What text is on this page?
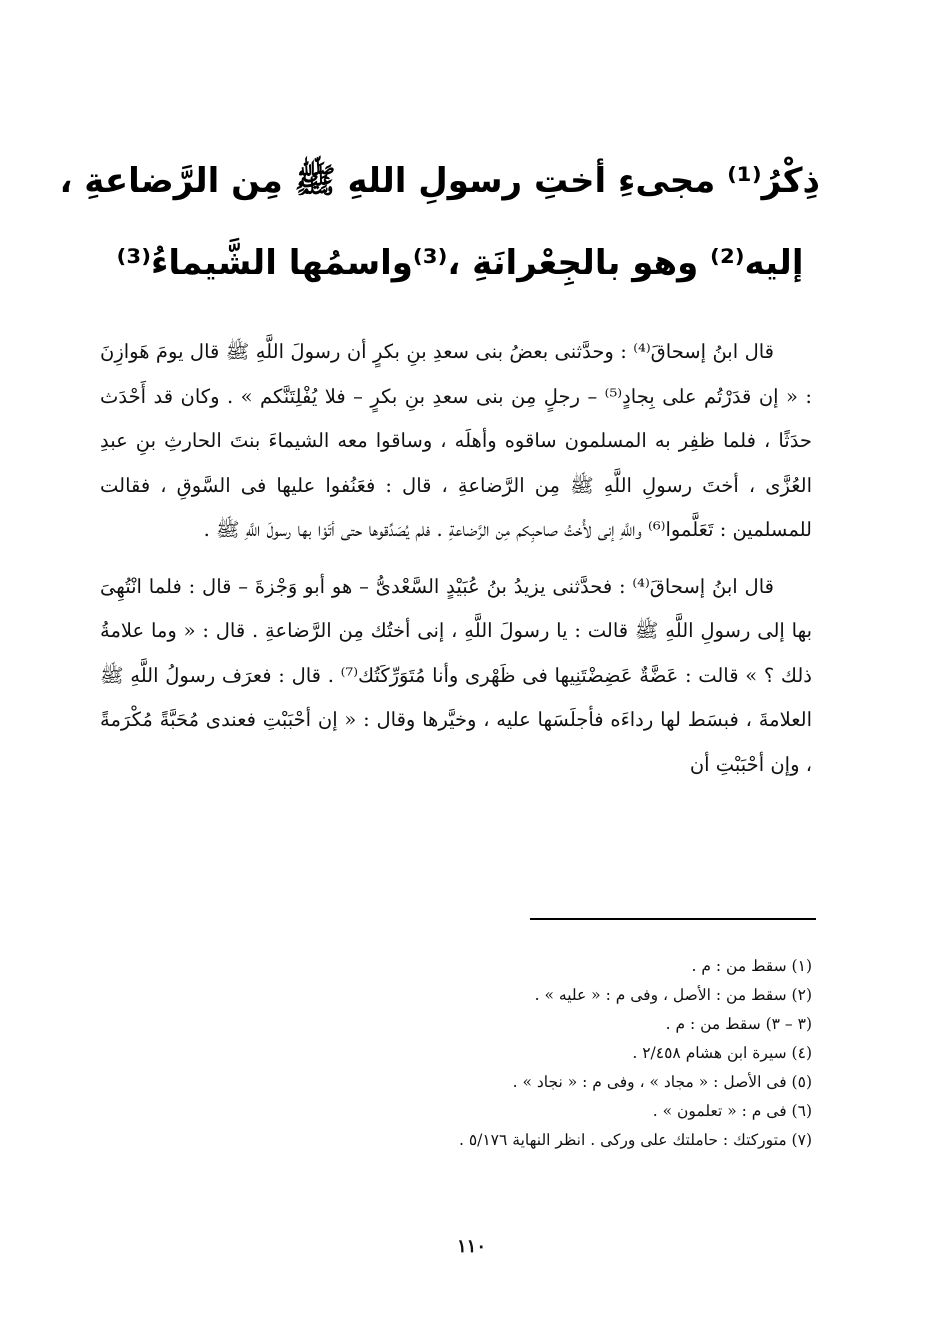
ذِكْرُ⁽¹⁾ مجىءِ أختِ رسولِ اللهِ ﷺ مِن الرَّضاعةِ ،
إليه⁽²⁾ وهو بالجِعْرانَةِ ،⁽³⁾واسمُها الشَّيماءُ⁽³⁾

قال ابنُ إسحاقَ⁽⁴⁾ : وحدَّثنى بعضُ بنى سعدِ بنِ بكرٍ أن رسولَ اللَّهِ ﷺ قال يومَ هَوازِنَ : « إن قدَرْتُم على بِجادٍ⁽⁵⁾ – رجلٍ مِن بنى سعدِ بنِ بكرٍ – فلا يُفْلِتَنَّكم » . وكان قد أَحْدَث حدَثًا ، فلما ظفِر به المسلمون ساقوه وأهلَه ، وساقوا معه الشيماءَ بنتَ الحارثِ بنِ عبدِ العُزَّى ، أختَ رسولِ اللَّهِ ﷺ مِن الرَّضاعةِ ، قال : فعَنُفوا عليها فى السَّوقِ ، فقالت للمسلمين : تَعَلَّموا⁽⁶⁾ واللَّهِ إنى لأُختُ صاحبِكم مِن الرَّضاعةِ . فلم يُصَدِّقوها حتى أتَوْا بها رسولَ اللَّهِ ﷺ .

قال ابنُ إسحاقَ⁽⁴⁾ : فحدَّثنى يزيدُ بنُ عُبَيْدٍ السَّعْدىُّ – هو أبو وَجْزةَ – قال : فلما انْتُهِىَ بها إلى رسولِ اللَّهِ ﷺ قالت : يا رسولَ اللَّهِ ، إنى أختُك مِن الرَّضاعةِ . قال : « وما علامةُ ذلك ؟ » قالت : عَضَّةٌ عَضِضْتَنِيها فى ظَهْرى وأنا مُتَوَرِّكَتُك⁽⁷⁾ . قال : فعرَف رسولُ اللَّهِ ﷺ العلامةَ ، فبسَط لها رداءَه فأجلَسَها عليه ، وخيَّرها وقال : « إن أحْبَبْتِ فعندى مُحَبَّةً مُكْرَمةً ، وإن أحْبَبْتِ أن

(١) سقط من : م .
(٢) سقط من : الأصل ، وفى م : « عليه » .
(٣ – ٣) سقط من : م .
(٤) سيرة ابن هشام ٢/٤٥٨ .
(٥) فى الأصل : « مجاد » ، وفى م : « نجاد » .
(٦) فى م : « تعلمون » .
(٧) متوركتك : حاملتك على وركى . انظر النهاية ٥/١٧٦ .
١١٠
